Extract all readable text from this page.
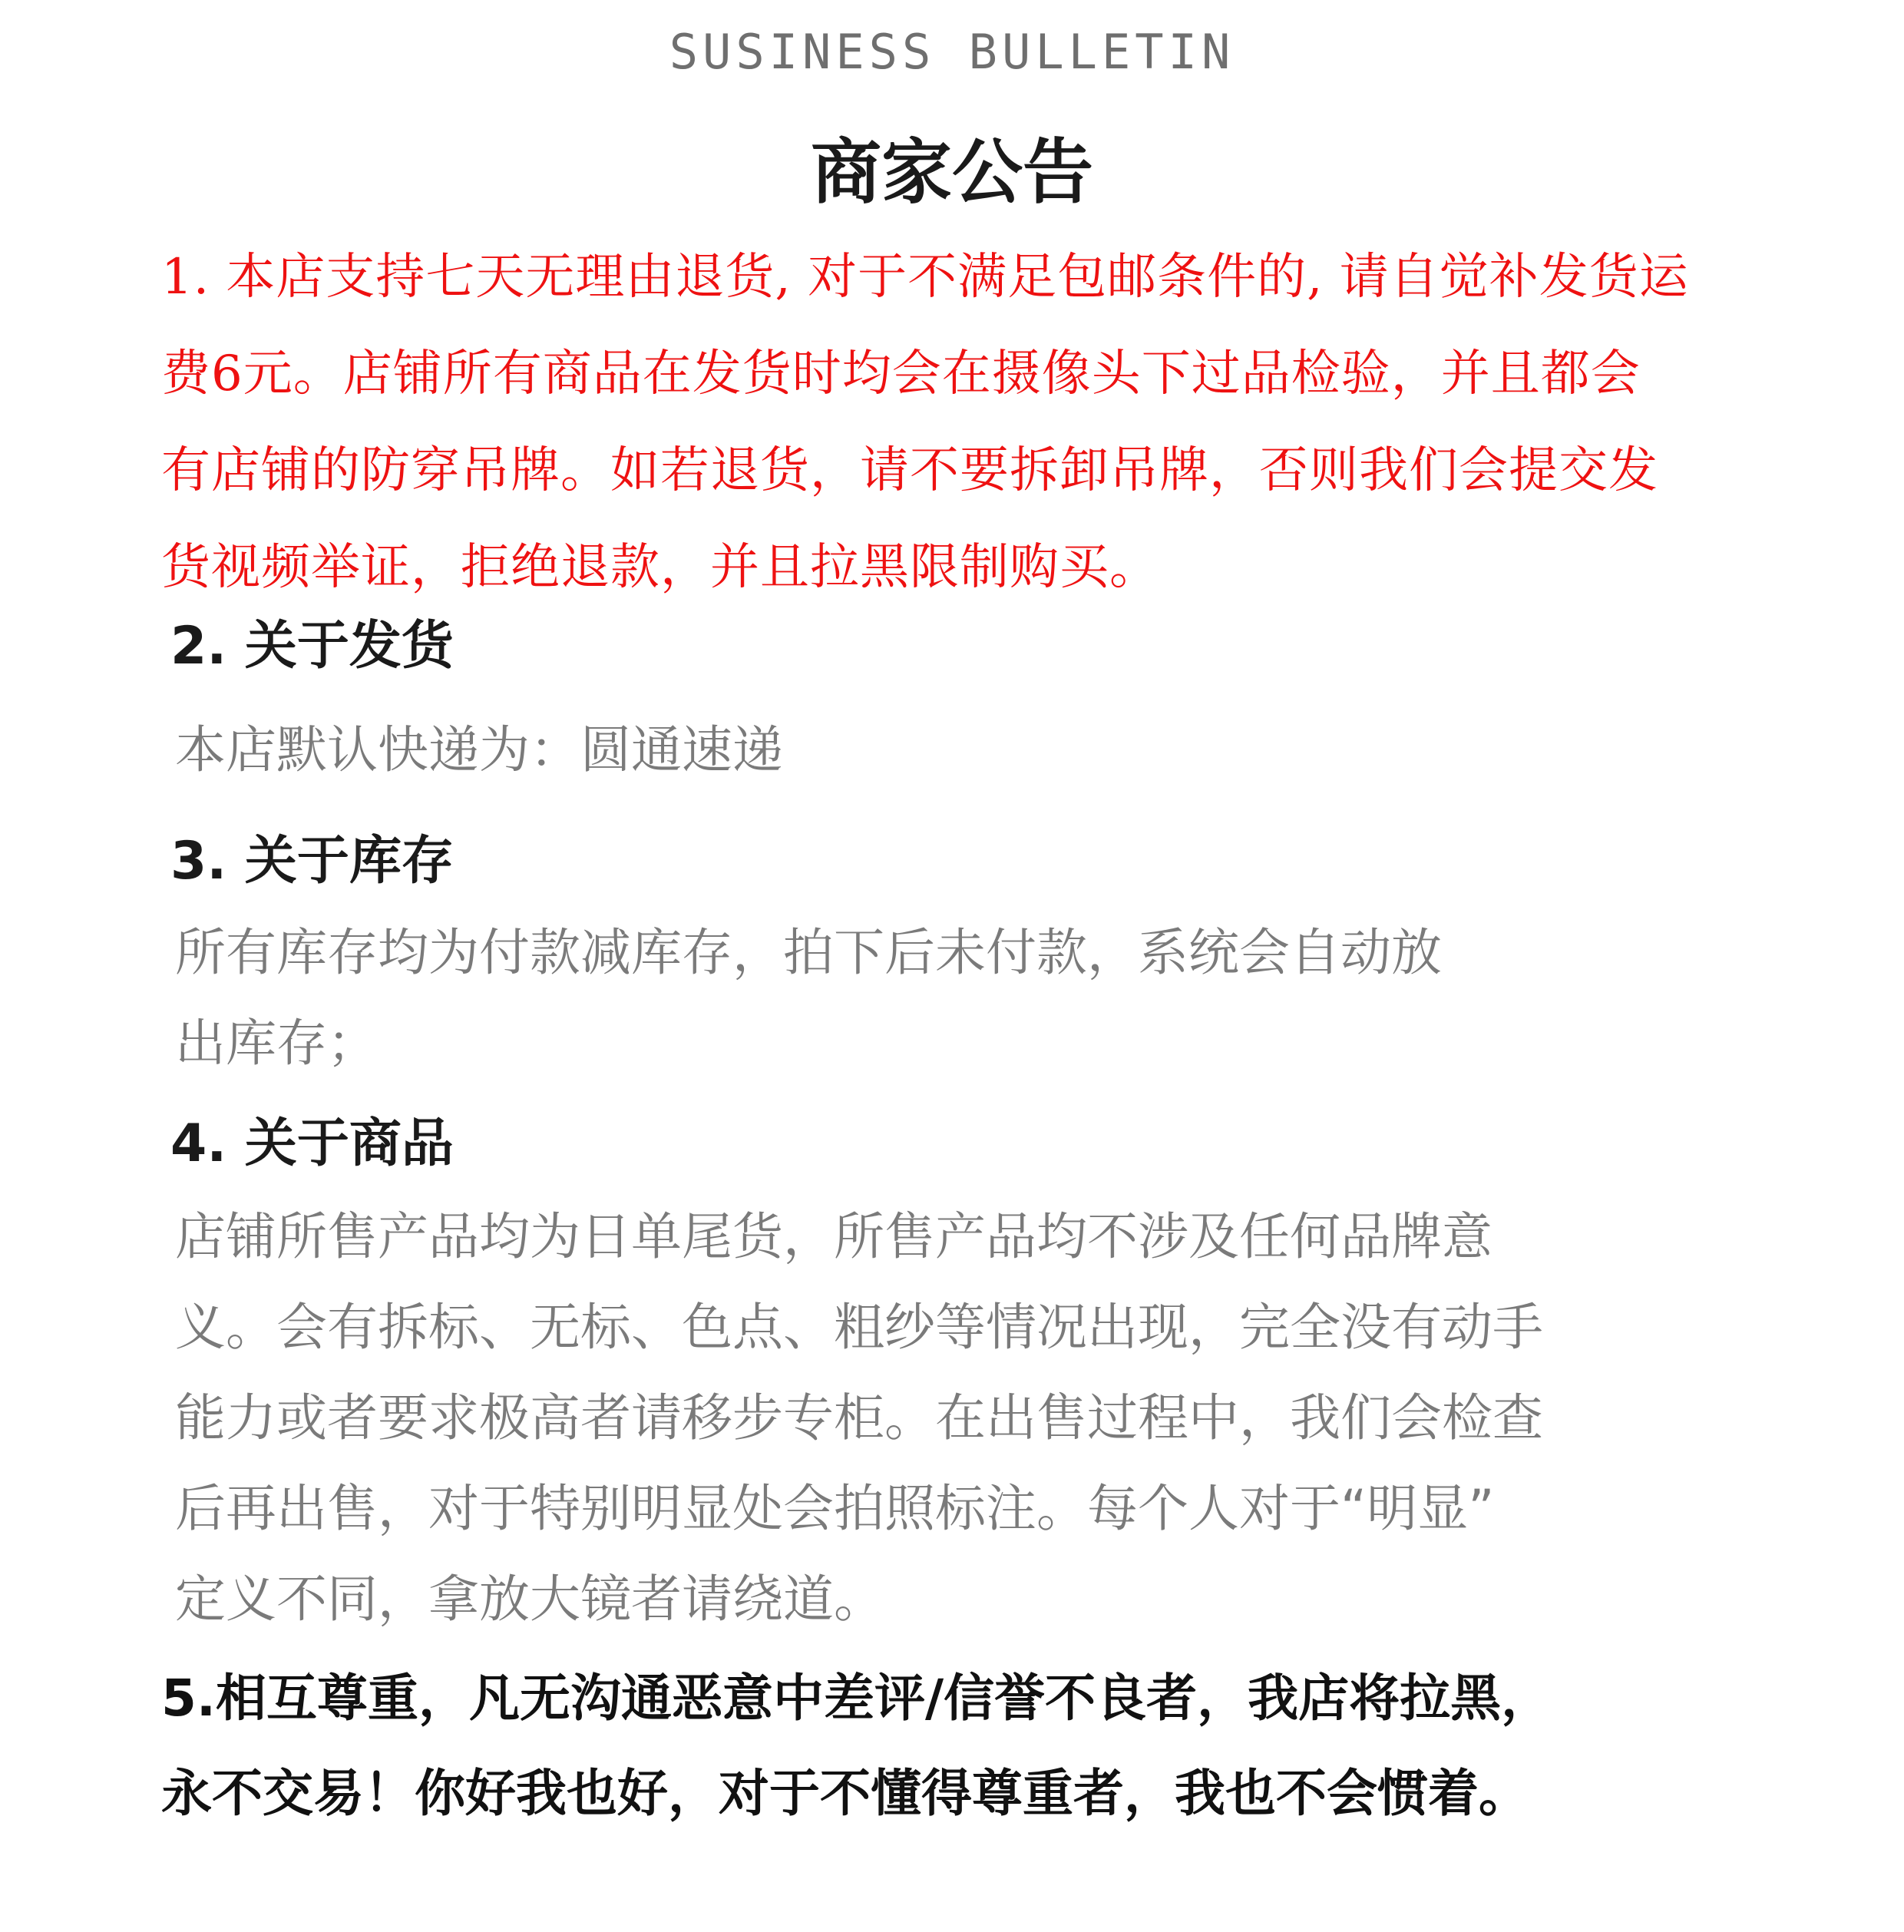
SUSINESS BULLETIN
商家公告
1. 本店支持七天无理由退货, 对于不满足包邮条件的, 请自觉补发货运
费6元。店铺所有商品在发货时均会在摄像头下过品检验，并且都会
有店铺的防穿吊牌。如若退货，请不要拆卸吊牌，否则我们会提交发
货视频举证，拒绝退款，并且拉黑限制购买。
2. 关于发货
本店默认快递为：圆通速递
3. 关于库存
所有库存均为付款减库存，拍下后未付款，系统会自动放
出库存；
4. 关于商品
店铺所售产品均为日单尾货，所售产品均不涉及任何品牌意
义。会有拆标、无标、色点、粗纱等情况出现，完全没有动手
能力或者要求极高者请移步专柜。在出售过程中，我们会检查
后再出售，对于特别明显处会拍照标注。每个人对于“明显”
定义不同，拿放大镜者请绕道。
5.相互尊重，凡无沟通恶意中差评/信誉不良者，我店将拉黑，
永不交易！你好我也好，对于不懂得尊重者，我也不会惯着。
